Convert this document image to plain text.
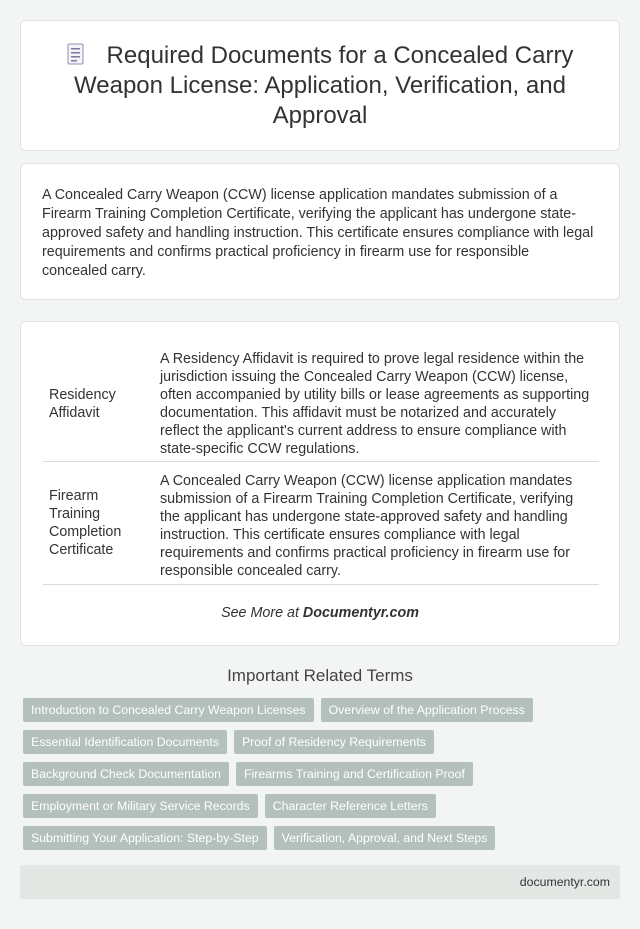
Required Documents for a Concealed Carry Weapon License: Application, Verification, and Approval

A Concealed Carry Weapon (CCW) license application mandates submission of a Firearm Training Completion Certificate, verifying the applicant has undergone state-approved safety and handling instruction. This certificate ensures compliance with legal requirements and confirms practical proficiency in firearm use for responsible concealed carry.

Residency Affidavit	A Residency Affidavit is required to prove legal residence within the jurisdiction issuing the Concealed Carry Weapon (CCW) license, often accompanied by utility bills or lease agreements as supporting documentation. This affidavit must be notarized and accurately reflect the applicant's current address to ensure compliance with state-specific CCW regulations.
Firearm Training Completion Certificate	A Concealed Carry Weapon (CCW) license application mandates submission of a Firearm Training Completion Certificate, verifying the applicant has undergone state-approved safety and handling instruction. This certificate ensures compliance with legal requirements and confirms practical proficiency in firearm use for responsible concealed carry.
See More at Documentyr.com
Important Related Terms
Introduction to Concealed Carry Weapon Licenses	Overview of the Application Process
Essential Identification Documents	Proof of Residency Requirements
Background Check Documentation	Firearms Training and Certification Proof
Employment or Military Service Records	Character Reference Letters
Submitting Your Application: Step-by-Step	Verification, Approval, and Next Steps
documentyr.com
